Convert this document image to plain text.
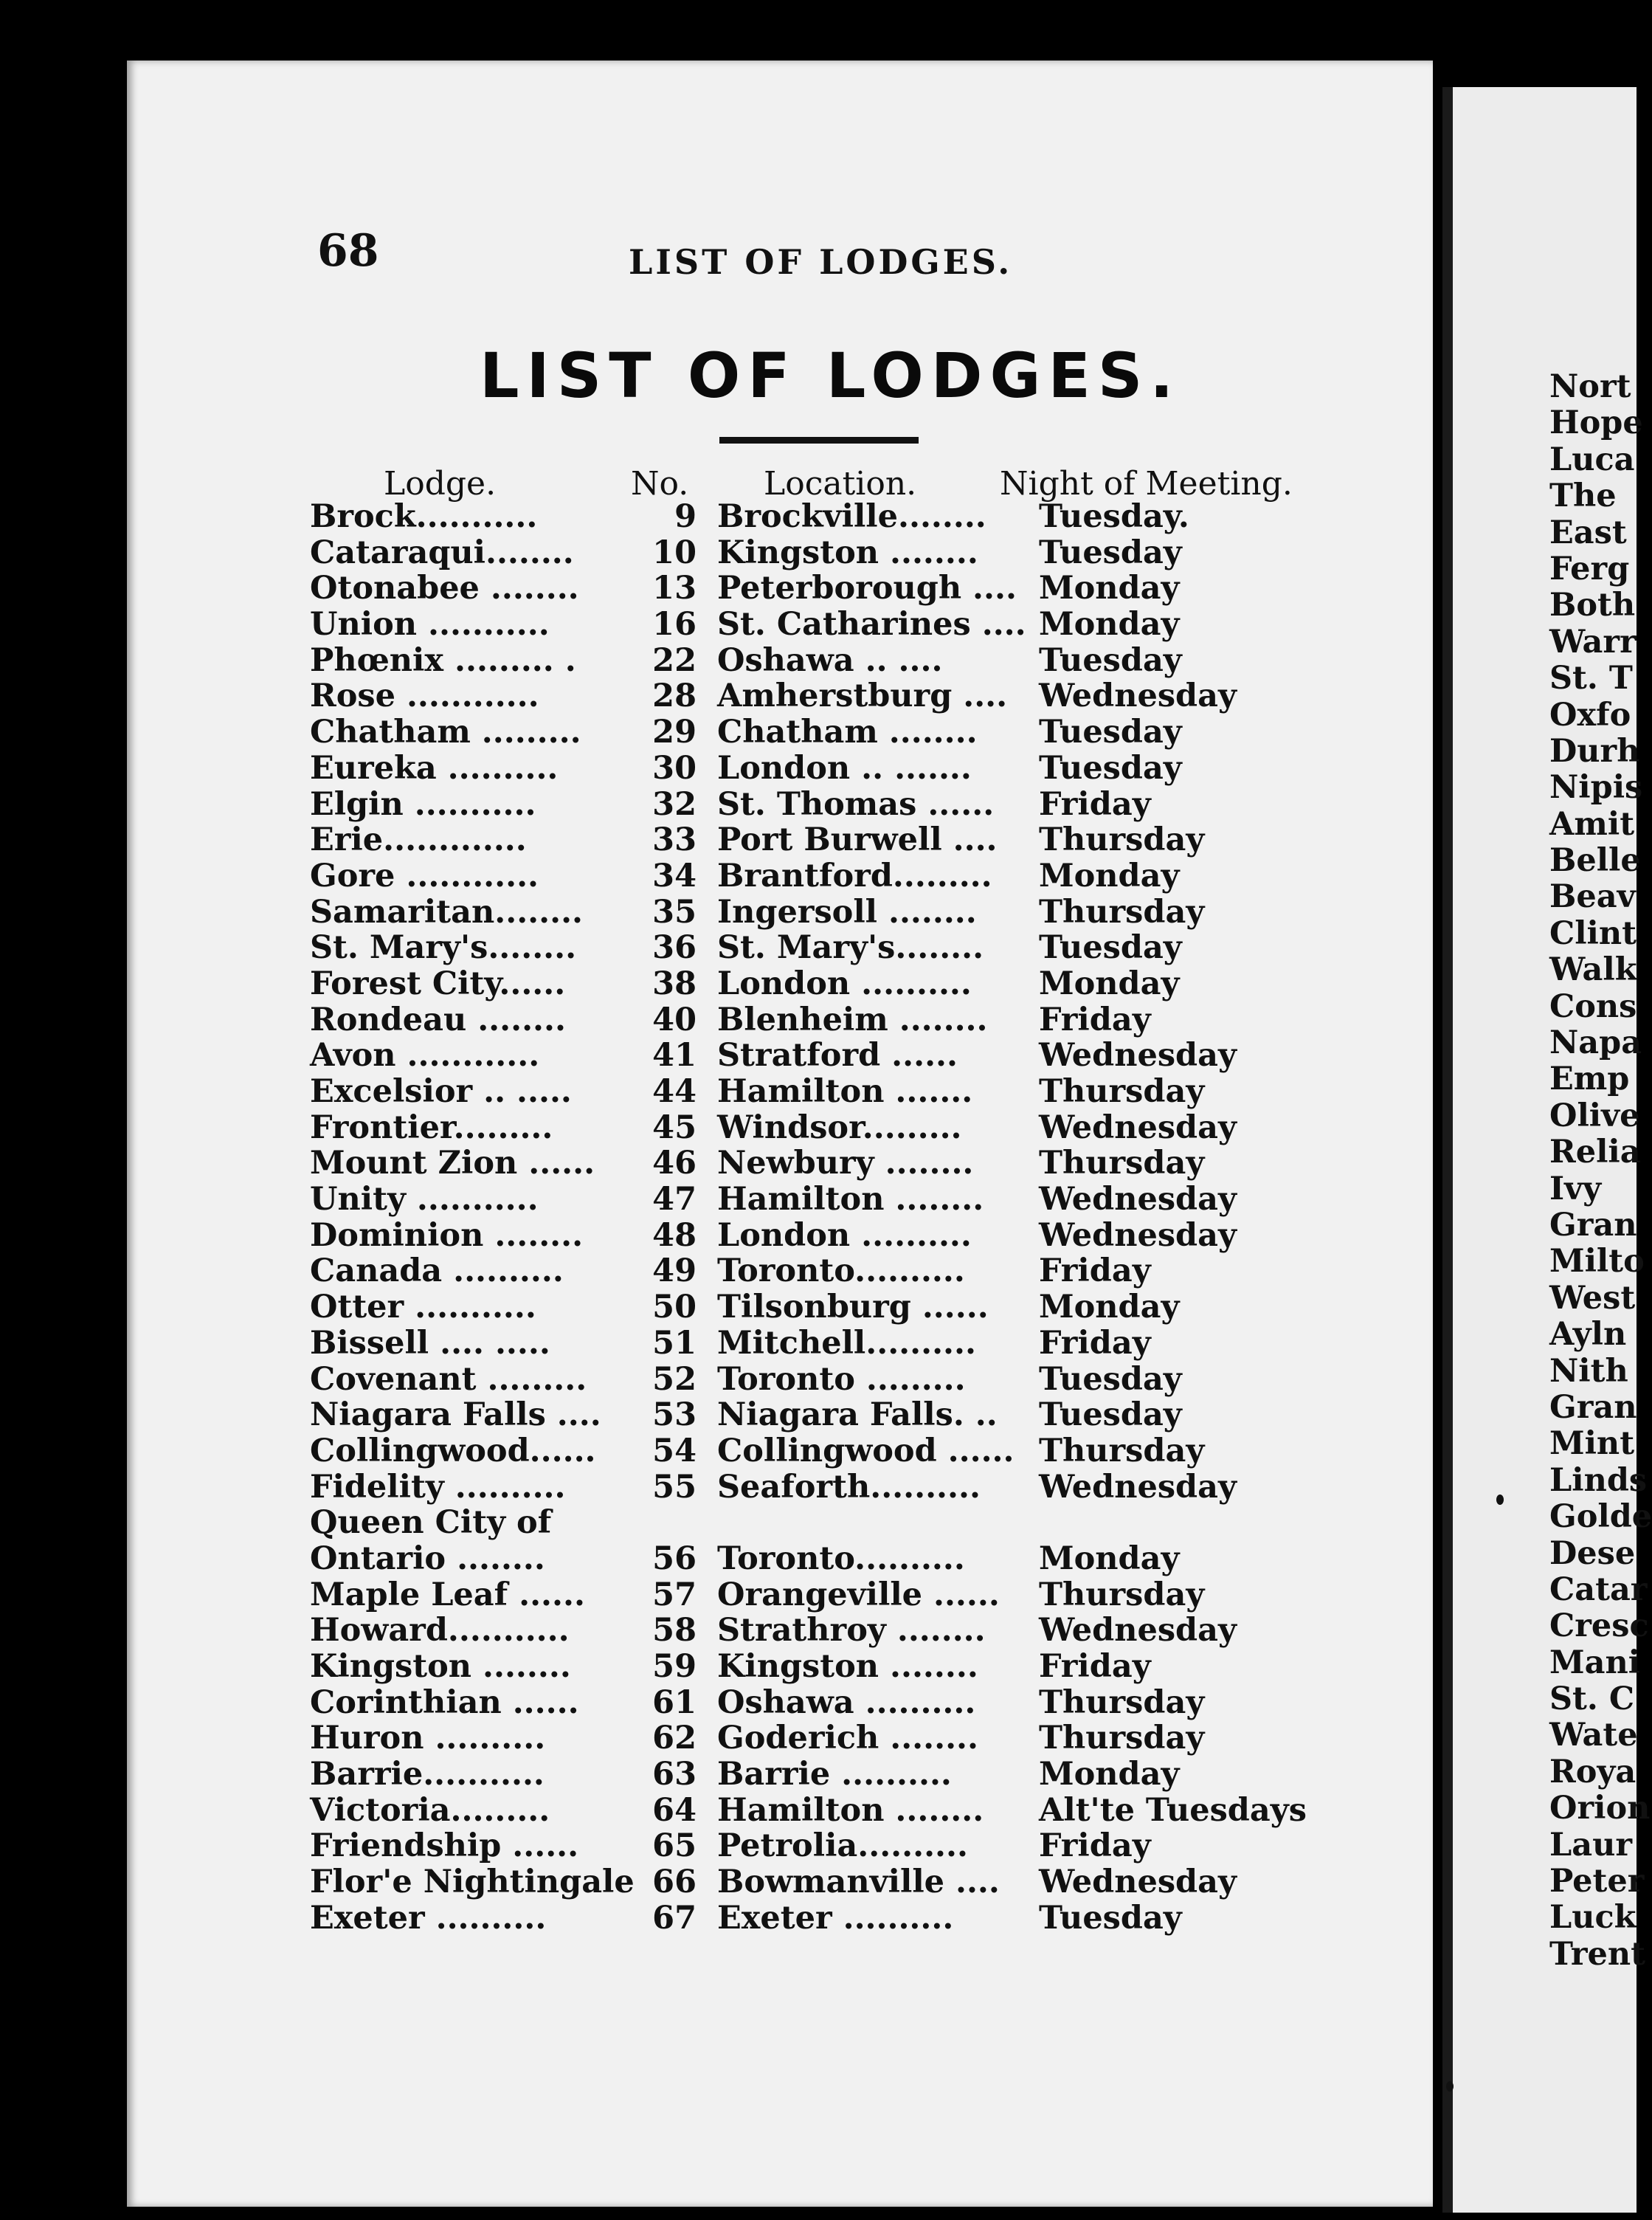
68	LIST OF LODGES.
LIST OF LODGES.
Lodge.	No. Location.	Night of Meeting.
Brock...........	9 Brockville........ Tuesday.
Cataraqui........	10 Kingston ........ Tuesday
Otonabee ........	13 Peterborough .... Monday
Union ...........	16 St. Catharines .... Monday
Phœnix ......... .	22 Oshawa .. ....	Tuesday
Rose ............	28 Amherstburg .... Wednesday
Chatham .........	29 Chatham ........ Tuesday
Eureka ..........	30 London .. ....... Tuesday
Elgin ...........	32 St. Thomas ...... Friday
Erie.............	33 Port Burwell .... Thursday
Gore ............	34 Brantford......... Monday
Samaritan........	35 Ingersoll ........ Thursday
St. Mary's........	36 St. Mary's........ Tuesday
Forest City......	38 London .......... Monday
Rondeau ........	40 Blenheim ........ Friday
Avon ............	41 Stratford ......	Wednesday
Excelsior .. .....	44 Hamilton ....... Thursday
Frontier.........	45 Windsor......... Wednesday
Mount Zion ......	46 Newbury ........ Thursday
Unity ...........	47 Hamilton ........ Wednesday
Dominion ........	48 London .......... Wednesday
Canada ..........	49 Toronto.......... Friday
Otter ...........	50 Tilsonburg ...... Monday
Bissell .... .....	51 Mitchell.......... Friday
Covenant .........	52 Toronto ......... Tuesday
Niagara Falls ....	53 Niagara Falls. .. Tuesday
Collingwood......	54 Collingwood ...... Thursday
Fidelity ..........	55 Seaforth.......... Wednesday
Queen City of Ontario ........	56 Toronto.......... Monday
Maple Leaf ......	57 Orangeville ...... Thursday
Howard...........	58 Strathroy ........ Wednesday
Kingston ........	59 Kingston ........ Friday
Corinthian ......	61 Oshawa .......... Thursday
Huron ..........	62 Goderich ........ Thursday
Barrie...........	63 Barrie ..........	Monday
Victoria.........	64 Hamilton ........ Alt'te Tuesdays
Friendship ......	65 Petrolia.......... Friday
Flor'e Nightingale 66 Bowmanville .... Wednesday
Exeter ..........	67 Exeter ..........	Tuesday
Nort
Hope
Luca
The
East
Ferg
Both
Warr
St. T
Oxfo
Durh
Nipis
Amit
Belle
Beav
Clint
Walk
Cons
Napa
Emp
Olive
Relia
Ivy
Gran
Milto
West
Ayln
Nith
Gran
Mint
Linds
Golde
Dese
Catar
Cresc
Mani
St. C
Wate
Roya
Orion
Laur
Peter
Luck
Trent
